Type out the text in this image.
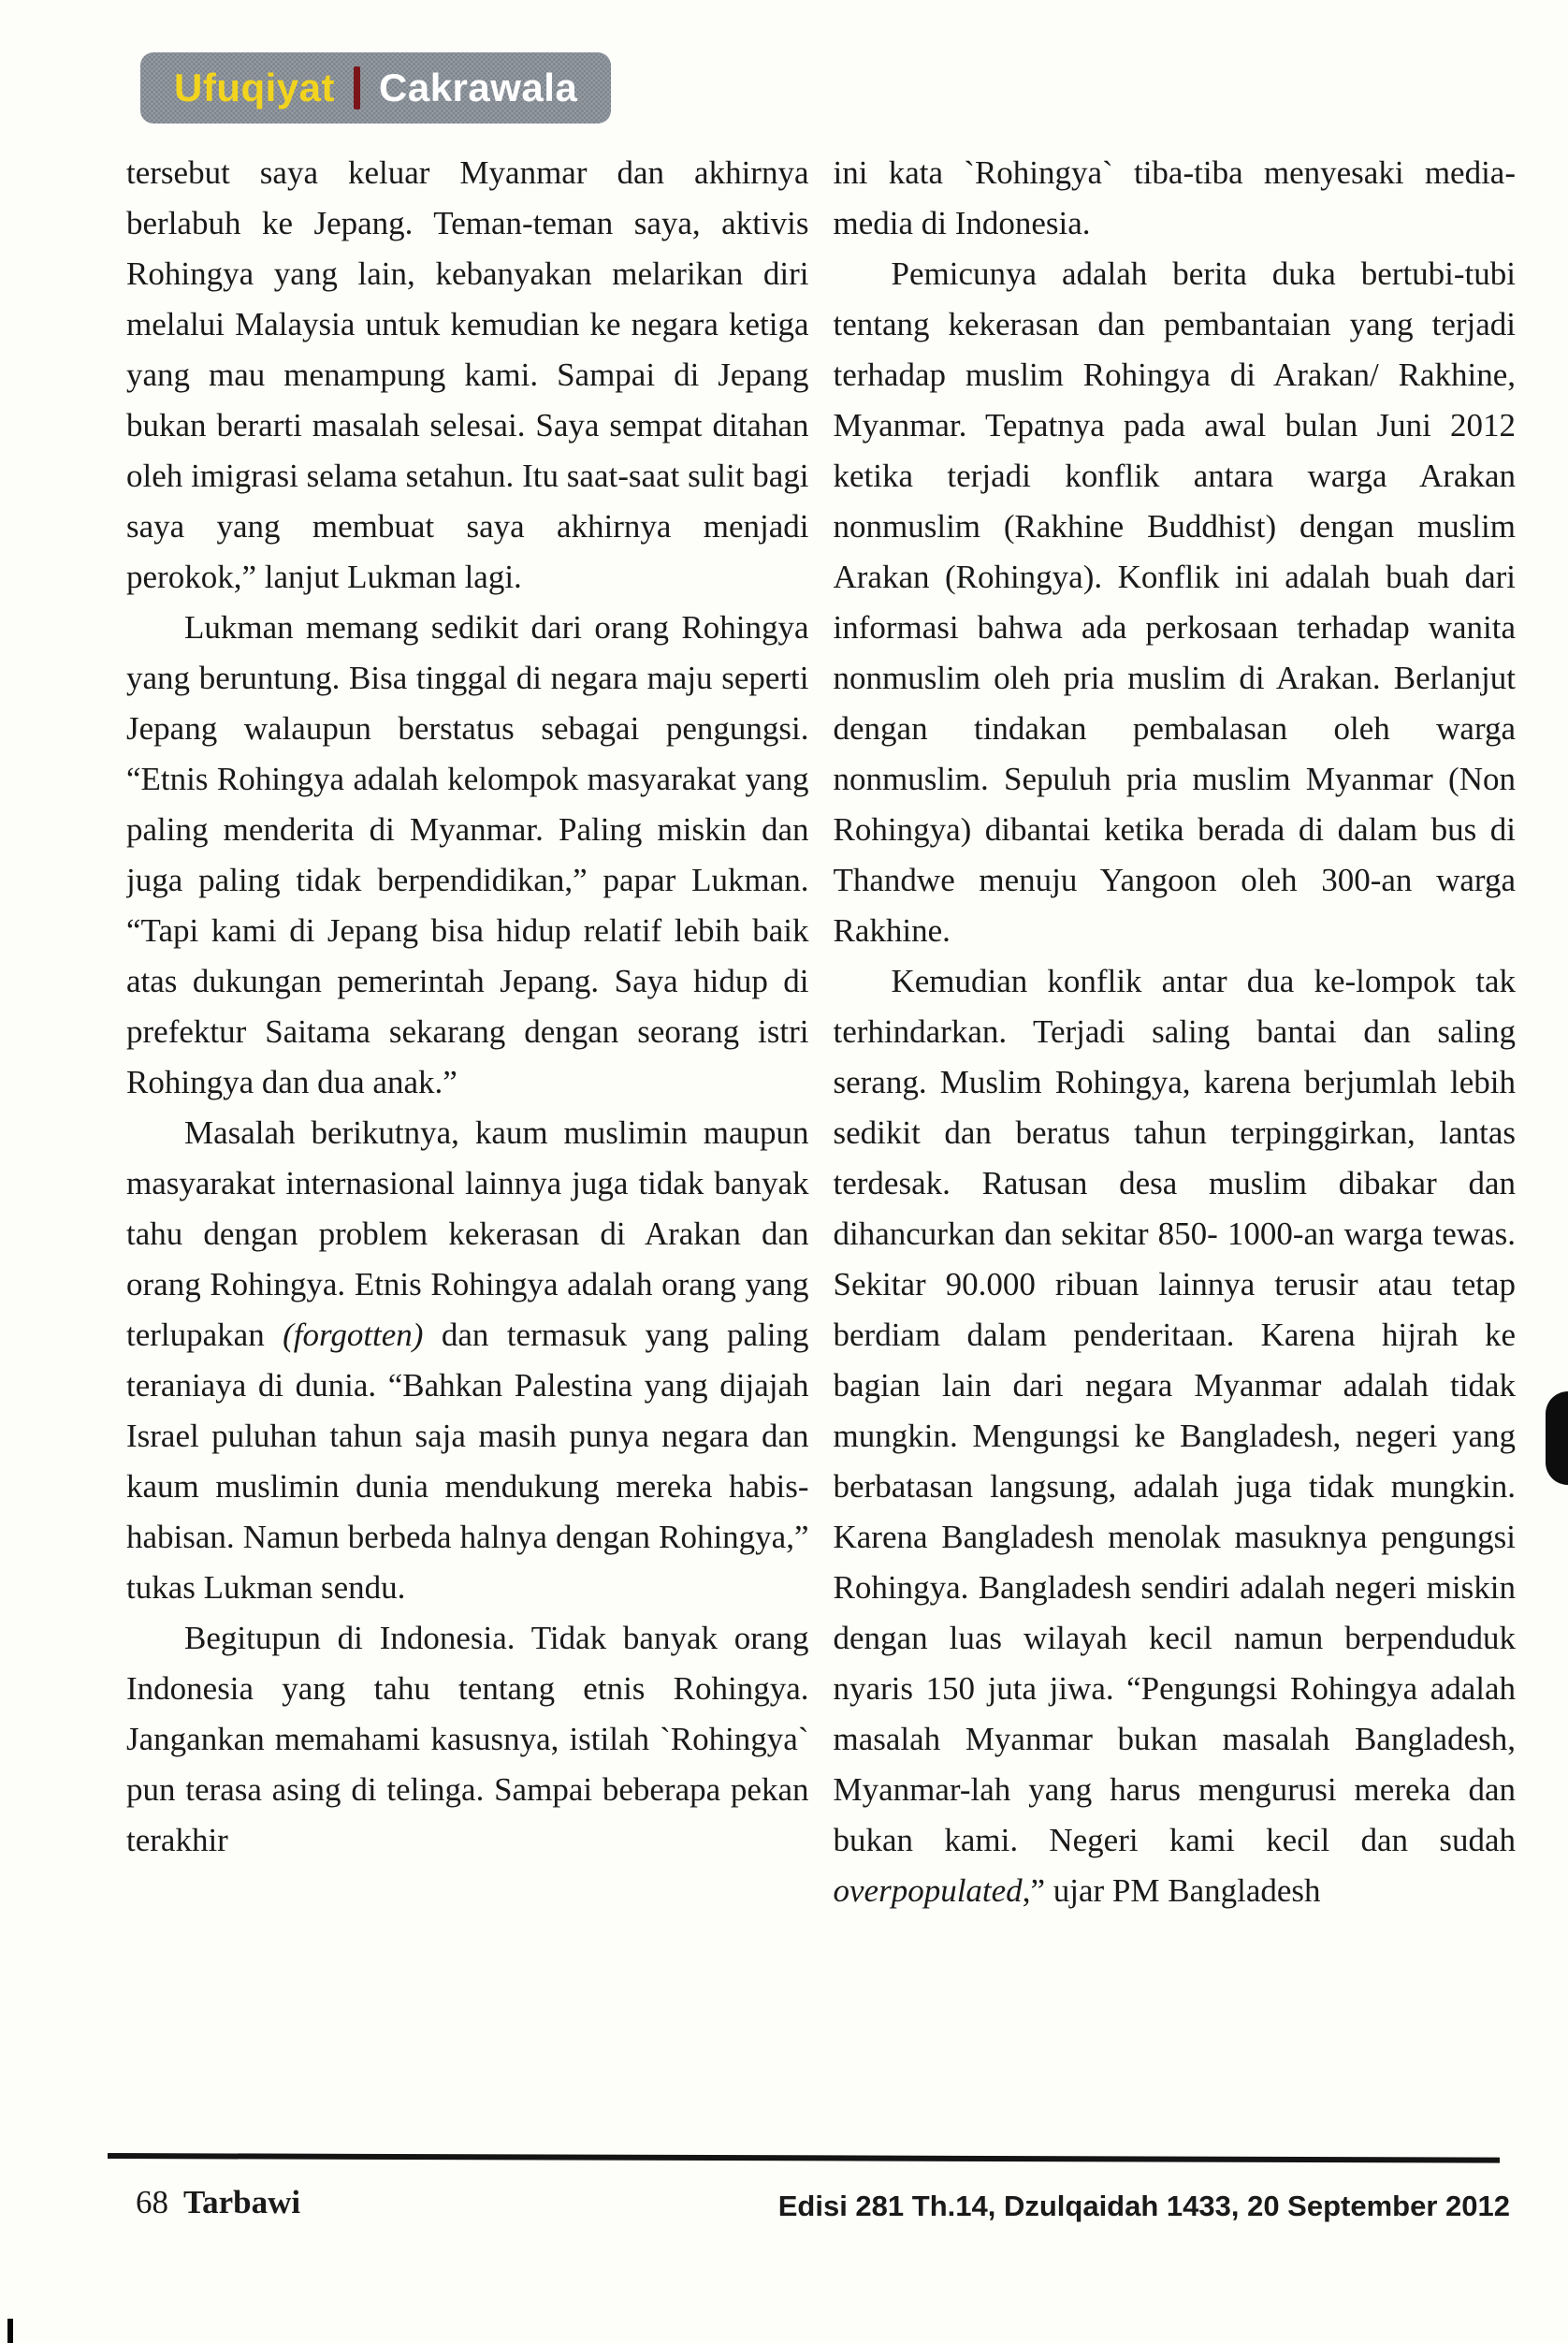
Ufuqiyat Cakrawala

tersebut saya keluar Myanmar dan akhirnya berlabuh ke Jepang. Teman-teman saya, aktivis Rohingya yang lain, kebanyakan melarikan diri melalui Malaysia untuk kemudian ke negara ketiga yang mau menampung kami. Sampai di Jepang bukan berarti masalah selesai. Saya sempat ditahan oleh imigrasi selama setahun. Itu saat-saat sulit bagi saya yang membuat saya akhirnya menjadi perokok,” lanjut Lukman lagi.

Lukman memang sedikit dari orang Rohingya yang beruntung. Bisa tinggal di negara maju seperti Jepang walaupun berstatus sebagai pengungsi. “Etnis Rohingya adalah kelompok masyarakat yang paling menderita di Myanmar. Paling miskin dan juga paling tidak berpendidikan,” papar Lukman. “Tapi kami di Jepang bisa hidup relatif lebih baik atas dukungan pemerintah Jepang. Saya hidup di prefektur Saitama sekarang dengan seorang istri Rohingya dan dua anak.”

Masalah berikutnya, kaum muslimin maupun masyarakat internasional lainnya juga tidak banyak tahu dengan problem kekerasan di Arakan dan orang Rohingya. Etnis Rohingya adalah orang yang terlupakan (forgotten) dan termasuk yang paling teraniaya di dunia. “Bahkan Palestina yang dijajah Israel puluhan tahun saja masih punya negara dan kaum muslimin dunia mendukung mereka habis-habisan. Namun berbeda halnya dengan Rohingya,” tukas Lukman sendu.

Begitupun di Indonesia. Tidak banyak orang Indonesia yang tahu tentang etnis Rohingya. Jangankan memahami kasusnya, istilah `Rohingya` pun terasa asing di telinga. Sampai beberapa pekan terakhir

ini kata `Rohingya` tiba-tiba menyesaki media-media di Indonesia.

Pemicunya adalah berita duka bertubi-tubi tentang kekerasan dan pembantaian yang terjadi terhadap muslim Rohingya di Arakan/ Rakhine, Myanmar. Tepatnya pada awal bulan Juni 2012 ketika terjadi konflik antara warga Arakan nonmuslim (Rakhine Buddhist) dengan muslim Arakan (Rohingya). Konflik ini adalah buah dari informasi bahwa ada perkosaan terhadap wanita nonmuslim oleh pria muslim di Arakan. Berlanjut dengan tindakan pembalasan oleh warga nonmuslim. Sepuluh pria muslim Myanmar (Non Rohingya) dibantai ketika berada di dalam bus di Thandwe menuju Yangoon oleh 300-an warga Rakhine.

Kemudian konflik antar dua ke-lompok tak terhindarkan. Terjadi saling bantai dan saling serang. Muslim Rohingya, karena berjumlah lebih sedikit dan beratus tahun terpinggirkan, lantas terdesak. Ratusan desa muslim dibakar dan dihancurkan dan sekitar 850- 1000-an warga tewas. Sekitar 90.000 ribuan lainnya terusir atau tetap berdiam dalam penderitaan. Karena hijrah ke bagian lain dari negara Myanmar adalah tidak mungkin. Mengungsi ke Bangladesh, negeri yang berbatasan langsung, adalah juga tidak mungkin. Karena Bangladesh menolak masuknya pengungsi Rohingya. Bangladesh sendiri adalah negeri miskin dengan luas wilayah kecil namun berpenduduk nyaris 150 juta jiwa. “Pengungsi Rohingya adalah masalah Myanmar bukan masalah Bangladesh, Myanmar-lah yang harus mengurusi mereka dan bukan kami. Negeri kami kecil dan sudah overpopulated,” ujar PM Bangladesh

68 Tarbawi	Edisi 281 Th.14, Dzulqaidah 1433, 20 September 2012
